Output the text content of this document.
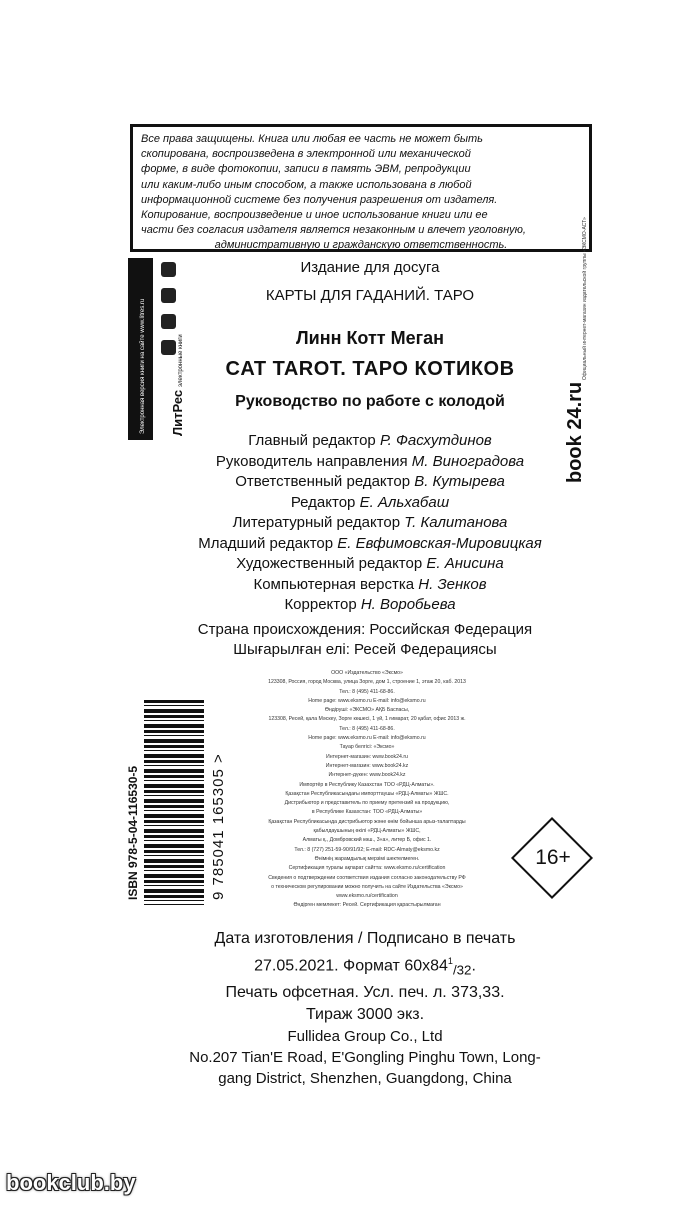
Все права защищены. Книга или любая ее часть не может быть
скопирована, воспроизведена в электронной или механической
форме, в виде фотокопии, записи в память ЭВМ, репродукции
или каким-либо иным способом, а также использована в любой
информационной системе без получения разрешения от издателя.
Копирование, воспроизведение и иное использование книги или ее
части без согласия издателя является незаконным и влечет уголовную,
административную и гражданскую ответственность.
Электронная версия книги на сайте www.litres.ru ЛитРесэлектронные книги
Издание для досуга
КАРТЫ ДЛЯ ГАДАНИЙ. ТАРО
Линн Котт Меган
CAT TAROT. ТАРО КОТИКОВ
Руководство по работе с колодой
Официальный интернет-магазин издательской группы «ЭКСМО-АСТ»
book 24.ru
Главный редактор Р. Фасхутдинов
Руководитель направления М. Виноградова
Ответственный редактор В. Кутырева
Редактор Е. Альхабаш
Литературный редактор Т. Калитанова
Младший редактор Е. Евфимовская-Мировицкая
Художественный редактор Е. Анисина
Компьютерная верстка Н. Зенков
Корректор Н. Воробьева
Страна происхождения: Российская Федерация
Шығарылған елі: Ресей Федерациясы
ISBN 978-5-04-116530-5	9 785041 165305 >
ООО «Издательство «Эксмо»
123308, Россия, город Москва, улица Зорге, дом 1, строение 1, этаж 20, каб. 2013
Тел.: 8 (495) 411-68-86.
Home page: www.eksmo.ru E-mail: info@eksmo.ru
Өндіруші: «ЭКСМО» АҚБ Баспасы,
123308, Ресей, қала Мәскеу, Зорге көшесі, 1 үй, 1 ғимарат, 20 қабат, офис 2013 ж.
Тел.: 8 (495) 411-68-86.
Home page: www.eksmo.ru E-mail: info@eksmo.ru
Тауар белгісі: «Эксмо»
Интернет-магазин: www.book24.ru
Интернет-магазин: www.book24.kz
Интернет-дүкен: www.book24.kz
Импортёр в Республику Казахстан ТОО «РДЦ-Алматы».
Қазақстан Республикасындағы импорттаушы «РДЦ-Алматы» ЖШС.
Дистрибьютор и представитель по приему претензий на продукцию,
в Республике Казахстан: ТОО «РДЦ-Алматы»
Қазақстан Республикасында дистрибьютор және өнім бойынша арыз-талаптарды
қабылдаушының өкілі «РДЦ-Алматы» ЖШС,
Алматы қ., Домбровский көш., 3«а», литер Б, офис 1.
Тел.: 8 (727) 251-59-90/91/92; E-mail: RDC-Almaty@eksmo.kz
Өнімнің жарамдылық мерзімі шектелмеген.
Сертификация туралы ақпарат сайтта: www.eksmo.ru/certification
Сведения о подтверждении соответствия издания согласно законодательству РФ
о техническом регулировании можно получить на сайте Издательства «Эксмо»
www.eksmo.ru/certification
Өндірген мемлекет: Ресей. Сертификация қарастырылмаған
16+
Дата изготовления / Подписано в печать
27.05.2021. Формат $60x84^1_{/32}$.
Печать офсетная. Усл. печ. л. 373,33.
Тираж 3000 экз.
Fullidea Group Co., Ltd
No.207 Tian'E Road, E'Gongling Pinghu Town, Long-
gang District, Shenzhen, Guangdong, China
bookclub.by
